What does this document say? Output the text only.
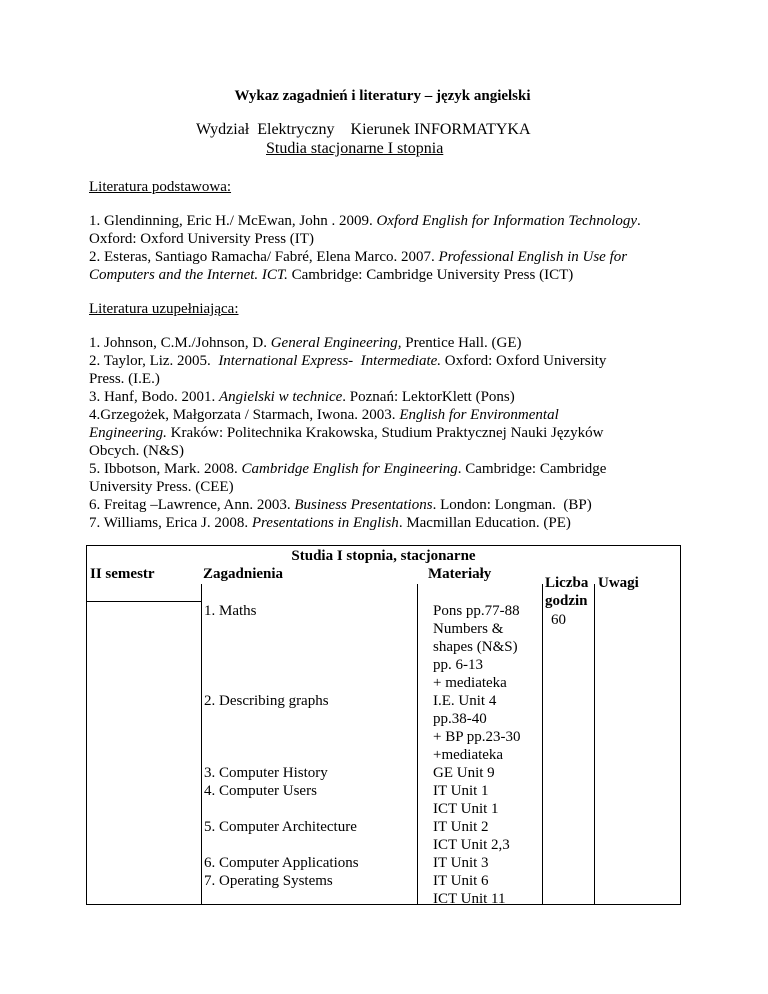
Wykaz zagadnień i literatury – język angielski
Wydział  Elektryczny    Kierunek INFORMATYKA
Studia stacjonarne I stopnia
Literatura podstawowa:
1. Glendinning, Eric H./ McEwan, John . 2009. Oxford English for Information Technology. Oxford: Oxford University Press (IT)
2. Esteras, Santiago Ramacha/ Fabré, Elena Marco. 2007. Professional English in Use for Computers and the Internet. ICT. Cambridge: Cambridge University Press (ICT)
Literatura uzupełniająca:
1. Johnson, C.M./Johnson, D. General Engineering, Prentice Hall. (GE)
2. Taylor, Liz. 2005.  International Express-  Intermediate. Oxford: Oxford University
Press. (I.E.)
3. Hanf, Bodo. 2001. Angielski w technice. Poznań: LektorKlett (Pons)
4.Grzegożek, Małgorzata / Starmach, Iwona. 2003. English for Environmental
Engineering. Kraków: Politechnika Krakowska, Studium Praktycznej Nauki Języków
Obcych. (N&S)
5. Ibbotson, Mark. 2008. Cambridge English for Engineering. Cambridge: Cambridge
University Press. (CEE)
6. Freitag –Lawrence, Ann. 2003. Business Presentations. London: Longman.  (BP)
7. Williams, Erica J. 2008. Presentations in English. Macmillan Education. (PE)
Studia I stopnia, stacjonarne
II semestr	Zagadnienia	Materiały
Liczba godzin
Uwagi
60
1. Maths
2. Describing graphs
3. Computer History
4. Computer Users
5. Computer Architecture
6. Computer Applications
7. Operating Systems
Pons pp.77-88
Numbers &
shapes (N&S)
pp. 6-13
+ mediateka
I.E. Unit 4
pp.38-40
+ BP pp.23-30
+mediateka
GE Unit 9
IT Unit 1
ICT Unit 1
IT Unit 2
ICT Unit 2,3
IT Unit 3
IT Unit 6
ICT Unit 11
